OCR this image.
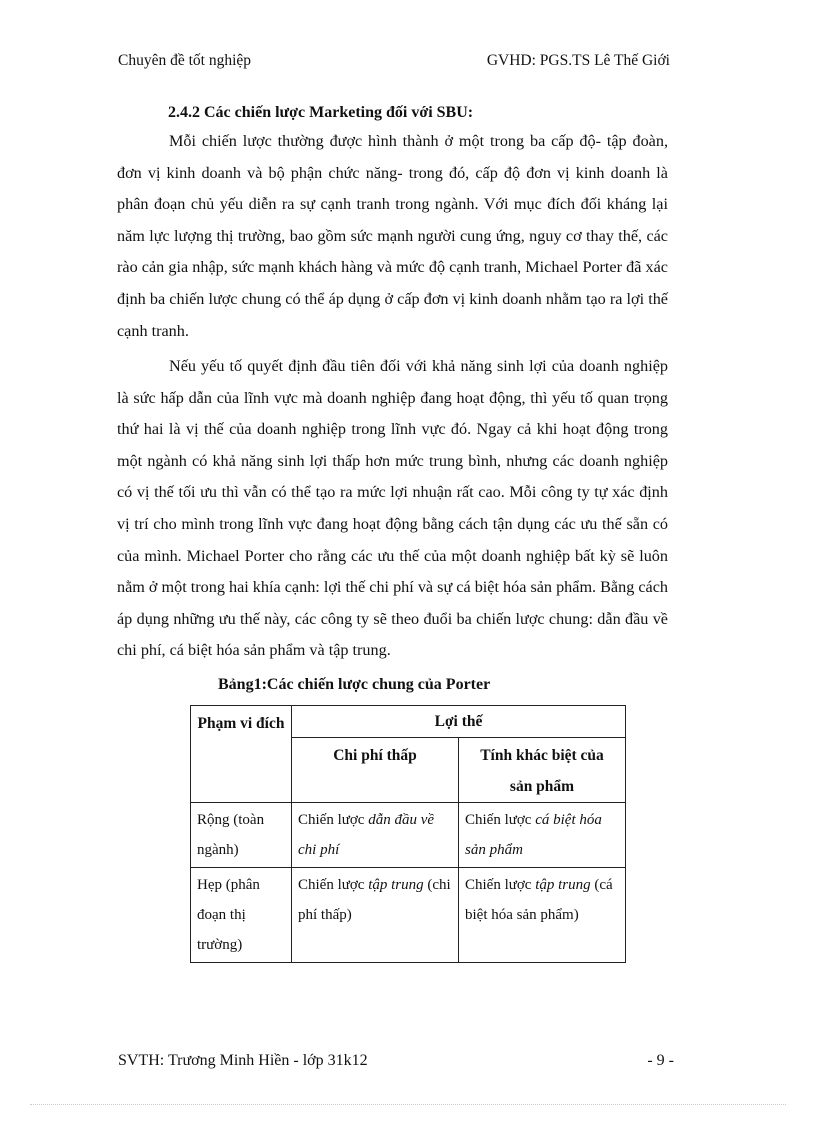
Chuyên đề tốt nghiệp	GVHD: PGS.TS Lê Thế Giới
2.4.2 Các chiến lược Marketing đối với SBU:

Mỗi chiến lược thường được hình thành ở một trong ba cấp độ- tập đoàn, đơn vị kinh doanh và bộ phận chức năng- trong đó, cấp độ đơn vị kinh doanh là phân đoạn chủ yếu diễn ra sự cạnh tranh trong ngành. Với mục đích đối kháng lại năm lực lượng thị trường, bao gồm sức mạnh người cung ứng, nguy cơ thay thế, các rào cản gia nhập, sức mạnh khách hàng và mức độ cạnh tranh, Michael Porter đã xác định ba chiến lược chung có thể áp dụng ở cấp đơn vị kinh doanh nhằm tạo ra lợi thế cạnh tranh.

Nếu yếu tố quyết định đầu tiên đối với khả năng sinh lợi của doanh nghiệp là sức hấp dẫn của lĩnh vực mà doanh nghiệp đang hoạt động, thì yếu tố quan trọng thứ hai là vị thế của doanh nghiệp trong lĩnh vực đó. Ngay cả khi hoạt động trong một ngành có khả năng sinh lợi thấp hơn mức trung bình, nhưng các doanh nghiệp có vị thế tối ưu thì vẫn có thể tạo ra mức lợi nhuận rất cao. Mỗi công ty tự xác định vị trí cho mình trong lĩnh vực đang hoạt động bằng cách tận dụng các ưu thế sẵn có của mình. Michael Porter cho rằng các ưu thế của một doanh nghiệp bất kỳ sẽ luôn nằm ở một trong hai khía cạnh: lợi thế chi phí và sự cá biệt hóa sản phẩm. Bằng cách áp dụng những ưu thế này, các công ty sẽ theo đuổi ba chiến lược chung: dẫn đầu về chi phí, cá biệt hóa sản phẩm và tập trung.

Bảng1:Các chiến lược chung của Porter
Phạm vi đích	Lợi thế	
	Chi phí thấp	Tính khác biệt của sản phẩm
Rộng (toàn ngành)	Chiến lược dẫn đầu về chi phí	Chiến lược cá biệt hóa sản phẩm
Hẹp (phân đoạn thị trường)	Chiến lược tập trung (chi phí thấp)	Chiến lược tập trung (cá biệt hóa sản phẩm)
SVTH: Trương Minh Hiền - lớp 31k12	- 9 -
